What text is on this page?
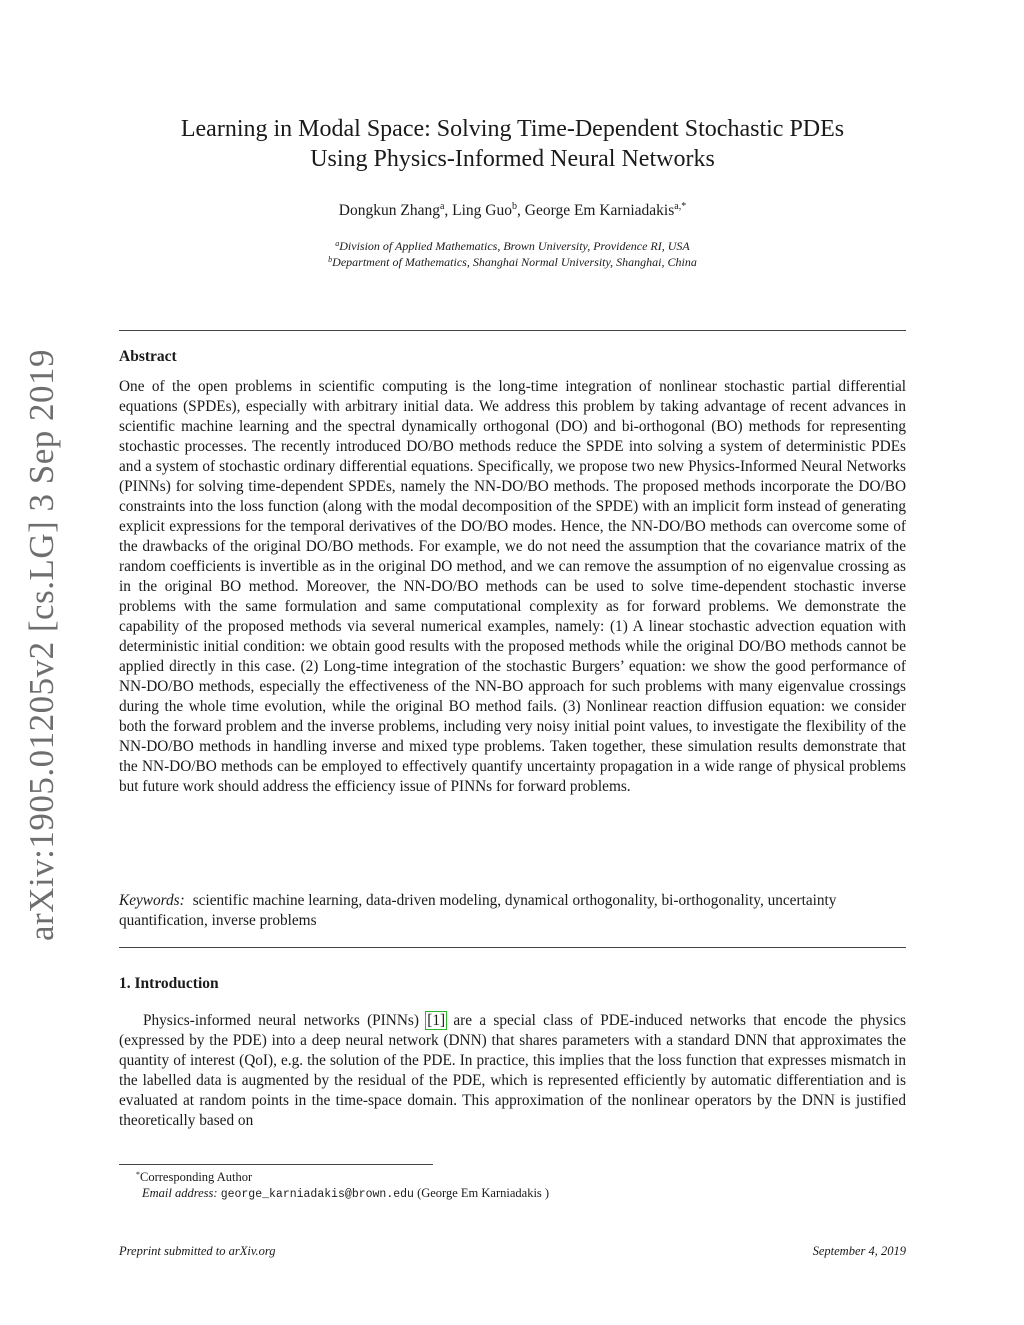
arXiv:1905.01205v2 [cs.LG] 3 Sep 2019
Learning in Modal Space: Solving Time-Dependent Stochastic PDEs
Using Physics-Informed Neural Networks
Dongkun Zhang$^a$, Ling Guo$^b$, George Em Karniadakis$^{a,*}$
$^a$Division of Applied Mathematics, Brown University, Providence RI, USA
$^b$Department of Mathematics, Shanghai Normal University, Shanghai, China
Abstract
One of the open problems in scientific computing is the long-time integration of nonlinear stochastic partial differential equations (SPDEs), especially with arbitrary initial data. We address this problem by taking advantage of recent advances in scientific machine learning and the spectral dynamically orthogonal (DO) and bi-orthogonal (BO) methods for representing stochastic processes. The recently introduced DO/BO methods reduce the SPDE into solving a system of deterministic PDEs and a system of stochastic ordinary differential equations. Specifically, we propose two new Physics-Informed Neural Networks (PINNs) for solving time-dependent SPDEs, namely the NN-DO/BO methods. The proposed methods incorporate the DO/BO constraints into the loss function (along with the modal decomposition of the SPDE) with an implicit form instead of generating explicit expressions for the temporal derivatives of the DO/BO modes. Hence, the NN-DO/BO methods can overcome some of the drawbacks of the original DO/BO methods. For example, we do not need the assumption that the covariance matrix of the random coefficients is invertible as in the original DO method, and we can remove the assumption of no eigenvalue crossing as in the original BO method. Moreover, the NN-DO/BO methods can be used to solve time-dependent stochastic inverse problems with the same formulation and same computational complexity as for forward problems. We demonstrate the capability of the proposed methods via several numerical examples, namely: (1) A linear stochastic advection equation with deterministic initial condition: we obtain good results with the proposed methods while the original DO/BO methods cannot be applied directly in this case. (2) Long-time integration of the stochastic Burgers’ equation: we show the good performance of NN-DO/BO methods, especially the effectiveness of the NN-BO approach for such problems with many eigenvalue crossings during the whole time evolution, while the original BO method fails. (3) Nonlinear reaction diffusion equation: we consider both the forward problem and the inverse problems, including very noisy initial point values, to investigate the flexibility of the NN-DO/BO methods in handling inverse and mixed type problems. Taken together, these simulation results demonstrate that the NN-DO/BO methods can be employed to effectively quantify uncertainty propagation in a wide range of physical problems but future work should address the efficiency issue of PINNs for forward problems.
Keywords: scientific machine learning, data-driven modeling, dynamical orthogonality, bi-orthogonality, uncertainty quantification, inverse problems
1. Introduction
Physics-informed neural networks (PINNs) [1] are a special class of PDE-induced networks that encode the physics (expressed by the PDE) into a deep neural network (DNN) that shares parameters with a standard DNN that approximates the quantity of interest (QoI), e.g. the solution of the PDE. In practice, this implies that the loss function that expresses mismatch in the labelled data is augmented by the residual of the PDE, which is represented efficiently by automatic differentiation and is evaluated at random points in the time-space domain. This approximation of the nonlinear operators by the DNN is justified theoretically based on
*Corresponding Author
Email address: george_karniadakis@brown.edu (George Em Karniadakis )
Preprint submitted to arXiv.org	September 4, 2019
